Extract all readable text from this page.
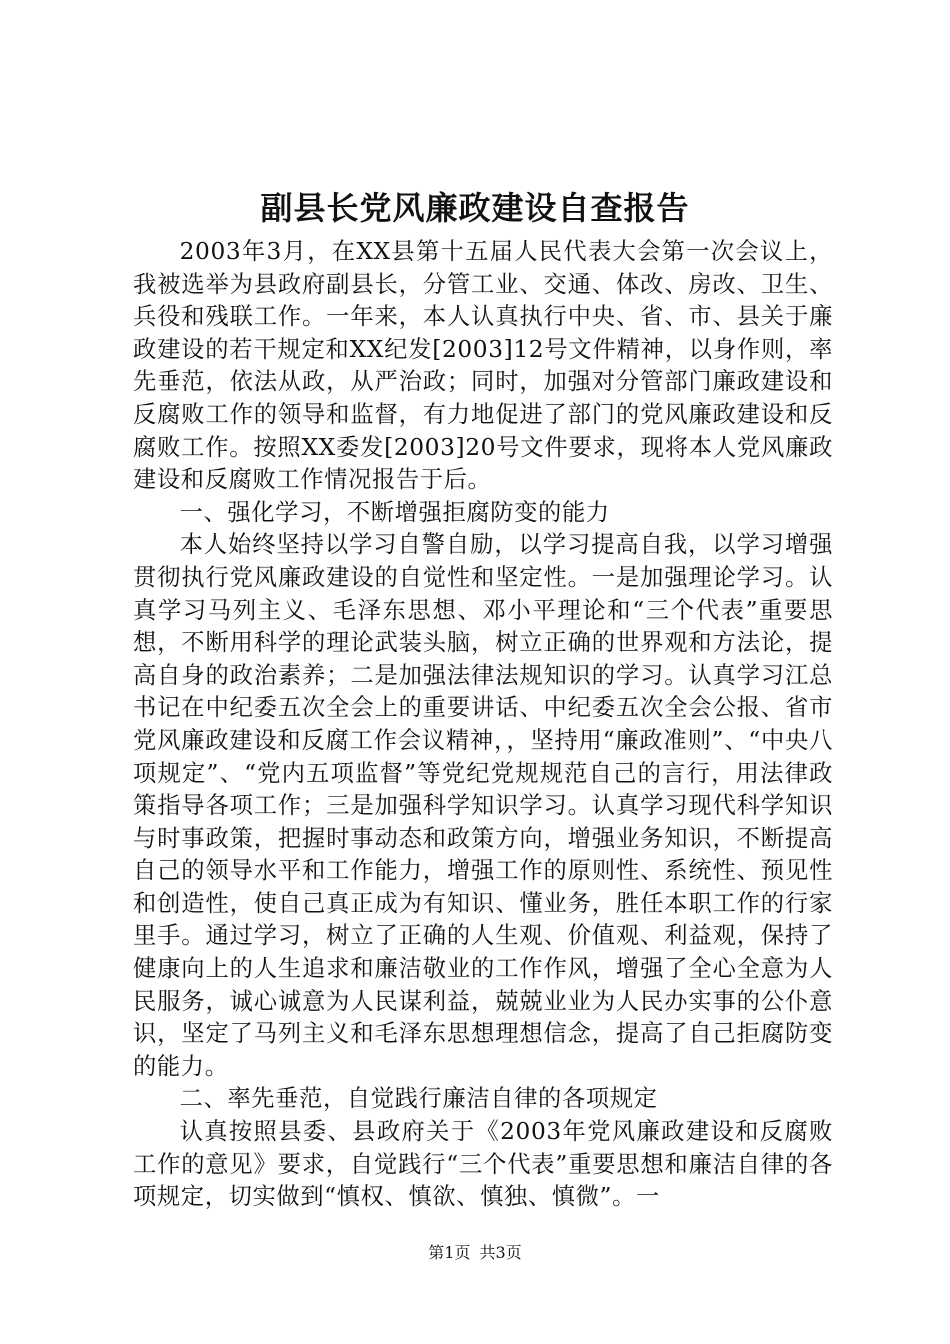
副县长党风廉政建设自查报告

2003年3月，在XX县第十五届人民代表大会第一次会议上，我被选举为县政府副县长，分管工业、交通、体改、房改、卫生、兵役和残联工作。一年来，本人认真执行中央、省、市、县关于廉政建设的若干规定和XX纪发[2003]12号文件精神，以身作则，率先垂范，依法从政，从严治政；同时，加强对分管部门廉政建设和反腐败工作的领导和监督，有力地促进了部门的党风廉政建设和反腐败工作。按照XX委发[2003]20号文件要求，现将本人党风廉政建设和反腐败工作情况报告于后。

一、强化学习，不断增强拒腐防变的能力

本人始终坚持以学习自警自励，以学习提高自我，以学习增强贯彻执行党风廉政建设的自觉性和坚定性。一是加强理论学习。认真学习马列主义、毛泽东思想、邓小平理论和“三个代表”重要思想，不断用科学的理论武装头脑，树立正确的世界观和方法论，提高自身的政治素养；二是加强法律法规知识的学习。认真学习江总书记在中纪委五次全会上的重要讲话、中纪委五次全会公报、省市党风廉政建设和反腐工作会议精神，，坚持用“廉政准则”、“中央八项规定”、“党内五项监督”等党纪党规规范自己的言行，用法律政策指导各项工作；三是加强科学知识学习。认真学习现代科学知识与时事政策，把握时事动态和政策方向，增强业务知识，不断提高自己的领导水平和工作能力，增强工作的原则性、系统性、预见性和创造性，使自己真正成为有知识、懂业务，胜任本职工作的行家里手。通过学习，树立了正确的人生观、价值观、利益观，保持了健康向上的人生追求和廉洁敬业的工作作风，增强了全心全意为人民服务，诚心诚意为人民谋利益，兢兢业业为人民办实事的公仆意识，坚定了马列主义和毛泽东思想理想信念，提高了自己拒腐防变的能力。

二、率先垂范，自觉践行廉洁自律的各项规定

认真按照县委、县政府关于《2003年党风廉政建设和反腐败工作的意见》要求，自觉践行“三个代表”重要思想和廉洁自律的各项规定，切实做到“慎权、慎欲、慎独、慎微”。一

第1页 共3页
